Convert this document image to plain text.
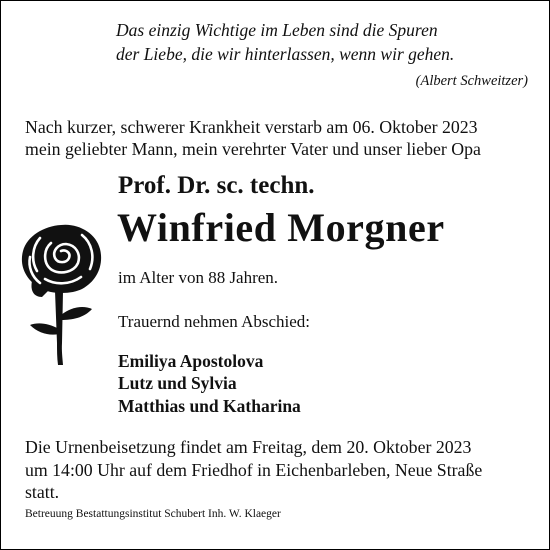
Das einzig Wichtige im Leben sind die Spuren
der Liebe, die wir hinterlassen, wenn wir gehen.
(Albert Schweitzer)
Nach kurzer, schwerer Krankheit verstarb am 06. Oktober 2023
mein geliebter Mann, mein verehrter Vater und unser lieber Opa
Prof. Dr. sc. techn.
Winfried Morgner
im Alter von 88 Jahren.
Trauernd nehmen Abschied:
Emiliya Apostolova
Lutz und Sylvia
Matthias und Katharina
Die Urnenbeisetzung findet am Freitag, dem 20. Oktober 2023
um 14:00 Uhr auf dem Friedhof in Eichenbarleben, Neue Straße
statt.
Betreuung Bestattungsinstitut Schubert Inh. W. Klaeger
